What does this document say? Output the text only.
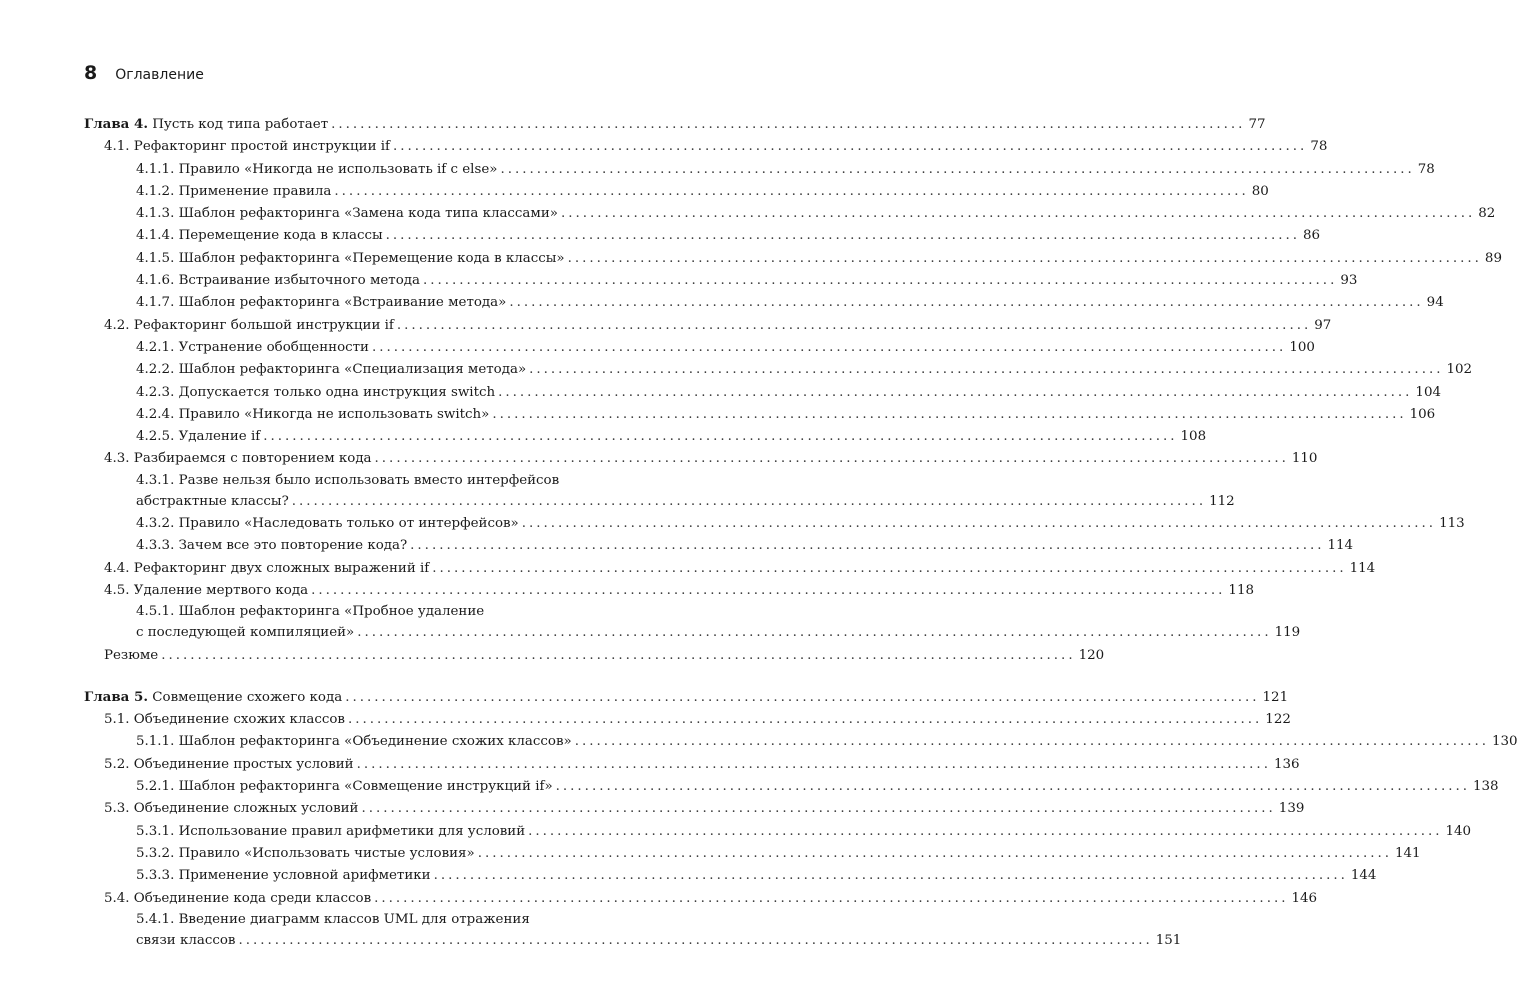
8 Оглавление
Глава 4. Пусть код типа работает .............................................................................................................................. 77
4.1. Рефакторинг простой инструкции if .............................................................................................................................. 78
4.1.1. Правило «Никогда не использовать if с else» .............................................................................................................................. 78
4.1.2. Применение правила .............................................................................................................................. 80
4.1.3. Шаблон рефакторинга «Замена кода типа классами» .............................................................................................................................. 82
4.1.4. Перемещение кода в классы .............................................................................................................................. 86
4.1.5. Шаблон рефакторинга «Перемещение кода в классы» .............................................................................................................................. 89
4.1.6. Встраивание избыточного метода .............................................................................................................................. 93
4.1.7. Шаблон рефакторинга «Встраивание метода» .............................................................................................................................. 94
4.2. Рефакторинг большой инструкции if .............................................................................................................................. 97
4.2.1. Устранение обобщенности .............................................................................................................................. 100
4.2.2. Шаблон рефакторинга «Специализация метода» .............................................................................................................................. 102
4.2.3. Допускается только одна инструкция switch .............................................................................................................................. 104
4.2.4. Правило «Никогда не использовать switch» .............................................................................................................................. 106
4.2.5. Удаление if .............................................................................................................................. 108
4.3. Разбираемся с повторением кода .............................................................................................................................. 110
4.3.1. Разве нельзя было использовать вместо интерфейсов
абстрактные классы? .............................................................................................................................. 112
4.3.2. Правило «Наследовать только от интерфейсов» .............................................................................................................................. 113
4.3.3. Зачем все это повторение кода? .............................................................................................................................. 114
4.4. Рефакторинг двух сложных выражений if .............................................................................................................................. 114
4.5. Удаление мертвого кода .............................................................................................................................. 118
4.5.1. Шаблон рефакторинга «Пробное удаление
с последующей компиляцией» .............................................................................................................................. 119
Резюме .............................................................................................................................. 120
Глава 5. Совмещение схожего кода .............................................................................................................................. 121
5.1. Объединение схожих классов .............................................................................................................................. 122
5.1.1. Шаблон рефакторинга «Объединение схожих классов» .............................................................................................................................. 130
5.2. Объединение простых условий .............................................................................................................................. 136
5.2.1. Шаблон рефакторинга «Совмещение инструкций if» .............................................................................................................................. 138
5.3. Объединение сложных условий .............................................................................................................................. 139
5.3.1. Использование правил арифметики для условий .............................................................................................................................. 140
5.3.2. Правило «Использовать чистые условия» .............................................................................................................................. 141
5.3.3. Применение условной арифметики .............................................................................................................................. 144
5.4. Объединение кода среди классов .............................................................................................................................. 146
5.4.1. Введение диаграмм классов UML для отражения
связи классов .............................................................................................................................. 151
